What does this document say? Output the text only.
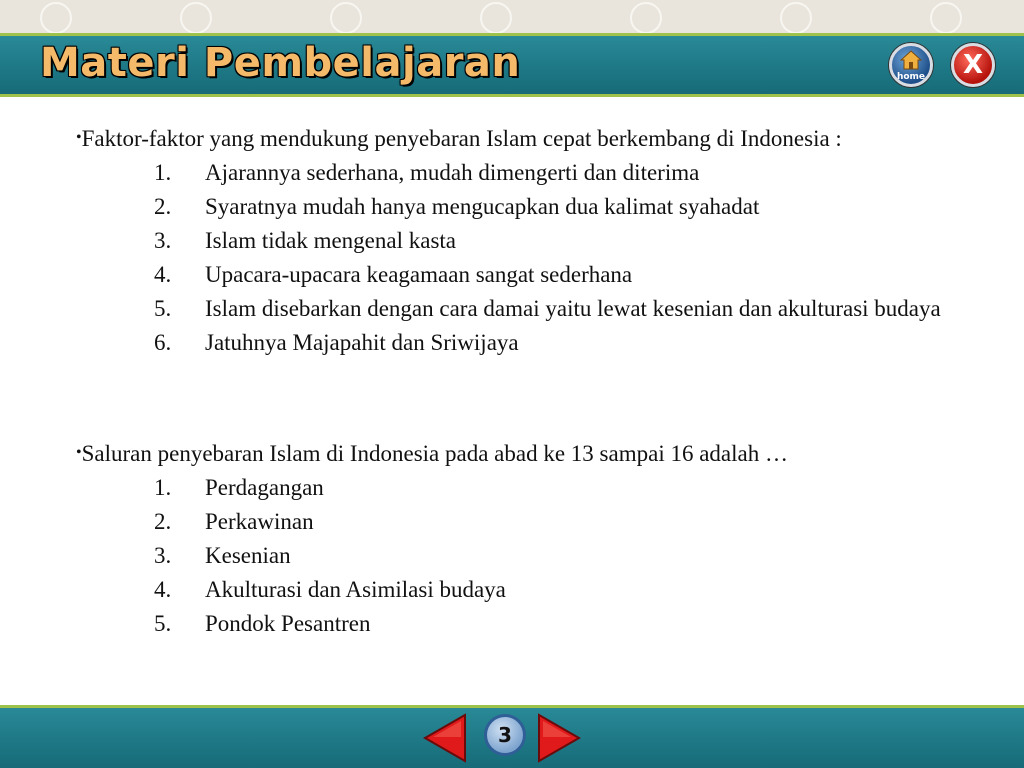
Materi Pembelajaran	home	X
•Faktor-faktor yang mendukung penyebaran Islam cepat berkembang di Indonesia :
1. Ajarannya sederhana, mudah dimengerti dan diterima
2. Syaratnya mudah hanya mengucapkan dua kalimat syahadat
3. Islam tidak mengenal kasta
4. Upacara-upacara keagamaan sangat sederhana
5. Islam disebarkan dengan cara damai yaitu lewat kesenian dan akulturasi budaya
6. Jatuhnya Majapahit dan Sriwijaya
•Saluran penyebaran Islam di Indonesia pada abad ke 13 sampai 16 adalah …
1. Perdagangan
2. Perkawinan
3. Kesenian
4. Akulturasi dan Asimilasi budaya
5. Pondok Pesantren
3
